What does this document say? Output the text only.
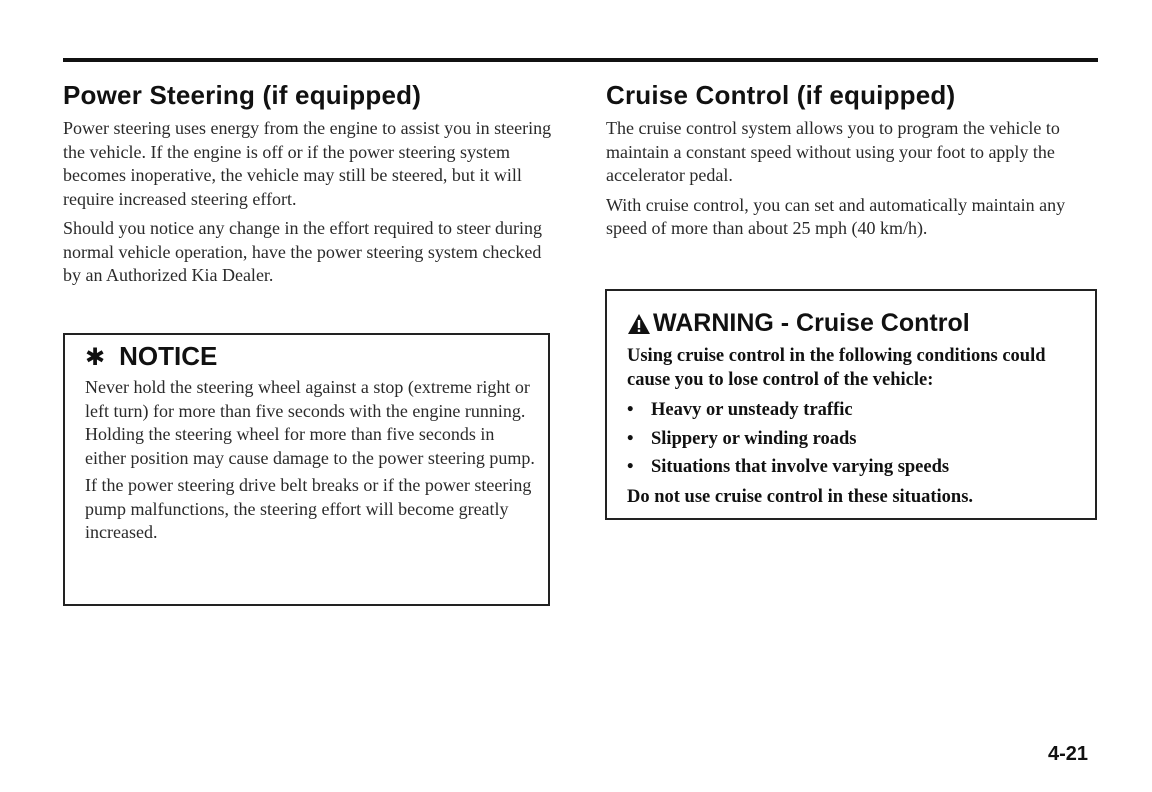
Power Steering (if equipped)

Power steering uses energy from the engine to assist you in steering the vehicle. If the engine is off or if the power steering system becomes inoperative, the vehicle may still be steered, but it will require increased steering effort.

Should you notice any change in the effort required to steer during normal vehicle operation, have the power steering system checked by an Authorized Kia Dealer.

✱ NOTICE

Never hold the steering wheel against a stop (extreme right or left turn) for more than five seconds with the engine running. Holding the steering wheel for more than five seconds in either position may cause damage to the power steering pump.

If the power steering drive belt breaks or if the power steering pump malfunctions, the steering effort will become greatly increased.

Cruise Control (if equipped)

The cruise control system allows you to program the vehicle to maintain a constant speed without using your foot to apply the accelerator pedal.

With cruise control, you can set and automatically maintain any speed of more than about 25 mph (40 km/h).

WARNING - Cruise Control
Using cruise control in the following conditions could cause you to lose control of the vehicle:
• Heavy or unsteady traffic
• Slippery or winding roads
• Situations that involve varying speeds
Do not use cruise control in these situations.
4-21
